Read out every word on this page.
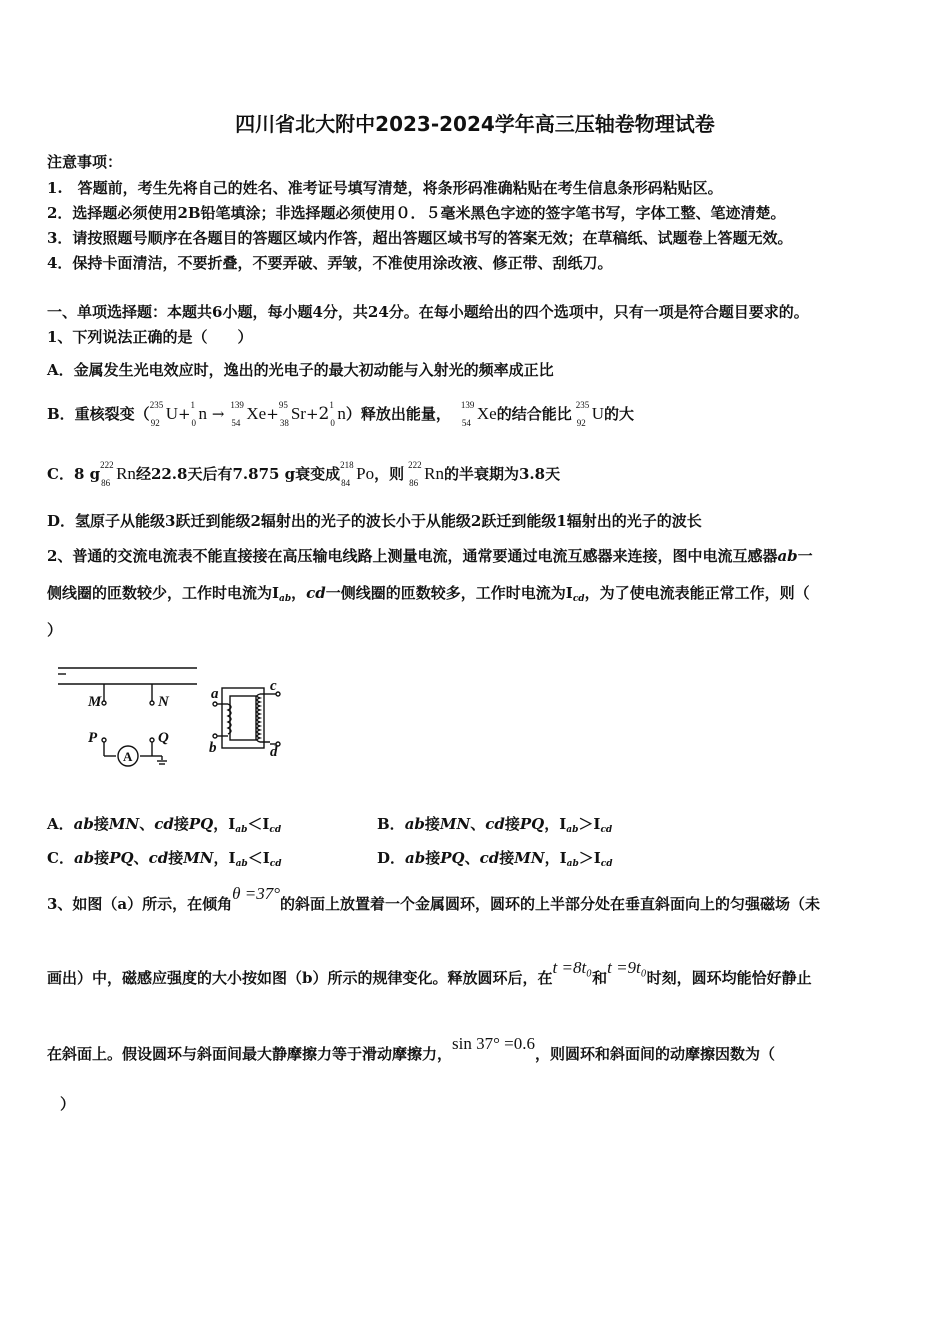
四川省北大附中2023-2024学年高三压轴卷物理试卷
注意事项：
1.　答题前，考生先将自己的姓名、准考证号填写清楚，将条形码准确粘贴在考生信息条形码粘贴区。
2．选择题必须使用2B铅笔填涂；非选择题必须使用０．５毫米黑色字迹的签字笔书写，字体工整、笔迹清楚。
3．请按照题号顺序在各题目的答题区域内作答，超出答题区域书写的答案无效；在草稿纸、试题卷上答题无效。
4．保持卡面清洁，不要折叠，不要弄破、弄皱，不准使用涂改液、修正带、刮纸刀。
一、单项选择题：本题共6小题，每小题4分，共24分。在每小题给出的四个选项中，只有一项是符合题目要求的。
1、下列说法正确的是（　　）
A．金属发生光电效应时，逸出的光电子的最大初动能与入射光的频率成正比
B．重核裂变（ 235
92 U+ 1
0 n → 139
54 Xe+ 95
38 Sr+2 1
0 n）释放出能量， 139
54 Xe的结合能比 235
92 U的大
C．8 g 222
86 Rn经22.8天后有7.875 g衰变成 218
84 Po，则 222
86 Rn的半衰期为3.8天
D．氢原子从能级3跃迁到能级2辐射出的光子的波长小于从能级2跃迁到能级1辐射出的光子的波长
2、普通的交流电流表不能直接接在高压输电线路上测量电流，通常要通过电流互感器来连接，图中电流互感器ab一
侧线圈的匝数较少，工作时电流为$I_{ab}$，cd一侧线圈的匝数较多，工作时电流为$I_{cd}$，为了使电流表能正常工作，则（
）
M	N
P	Q
a
b
c
d
A
A．ab接MN、cd接PQ，$I_{ab}<I_{cd}$	B．ab接MN、cd接PQ，$I_{ab}>I_{cd}$
C．ab接PQ、cd接MN，$I_{ab}<I_{cd}$	D．ab接PQ、cd接MN，$I_{ab}>I_{cd}$
3、如图（a）所示，在倾角θ =37°的斜面上放置着一个金属圆环，圆环的上半部分处在垂直斜面向上的匀强磁场（未
画出）中，磁感应强度的大小按如图（b）所示的规律变化。释放圆环后，在t =8t₀和t =9t₀时刻，圆环均能恰好静止
在斜面上。假设圆环与斜面间最大静摩擦力等于滑动摩擦力，sin 37° =0.6，则圆环和斜面间的动摩擦因数为（
）
